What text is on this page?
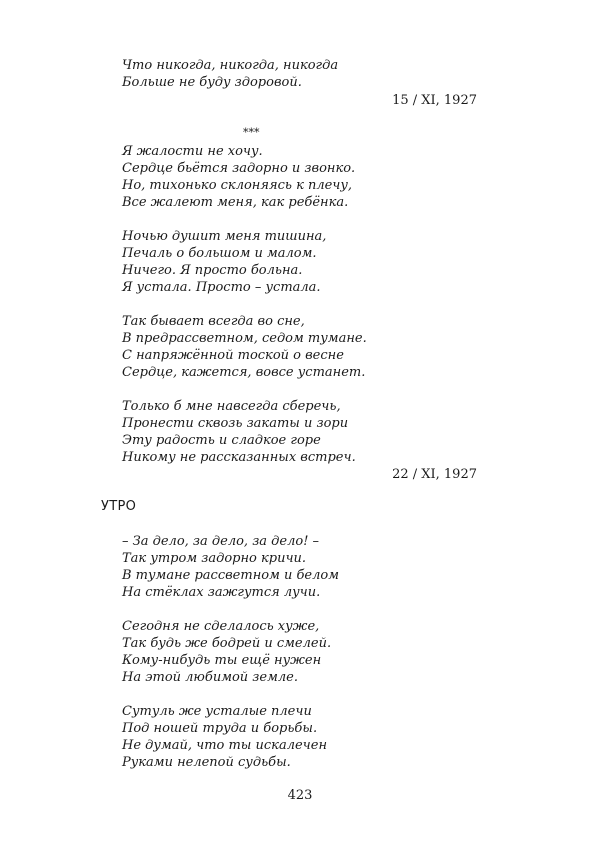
Что никогда, никогда, никогда
Больше не буду здоровой.
15 / XI, 1927
***
Я жалости не хочу.
Сердце бьётся задорно и звонко.
Но, тихонько склоняясь к плечу,
Все жалеют меня, как ребёнка.
Ночью душит меня тишина,
Печаль о большом и малом.
Ничего. Я просто больна.
Я устала. Просто – устала.
Так бывает всегда во сне,
В предрассветном, седом тумане.
С напряжённой тоской о весне
Сердце, кажется, вовсе устанет.
Только б мне навсегда сберечь,
Пронести сквозь закаты и зори
Эту радость и сладкое горе
Никому не рассказанных встреч.
22 / XI, 1927
УТРО
– За дело, за дело, за дело! –
Так утром задорно кричи.
В тумане рассветном и белом
На стёклах зажгутся лучи.
Сегодня не сделалось хуже,
Так будь же бодрей и смелей.
Кому-нибудь ты ещё нужен
На этой любимой земле.
Сутуль же усталые плечи
Под ношей труда и борьбы.
Не думай, что ты искалечен
Руками нелепой судьбы.
423
